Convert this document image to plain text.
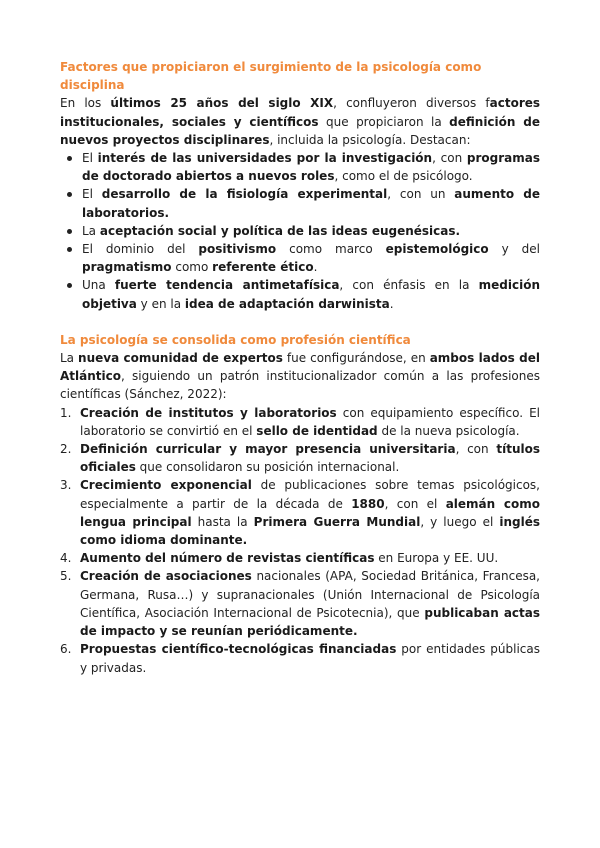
Factores que propiciaron el surgimiento de la psicología como disciplina

En los últimos 25 años del siglo XIX, confluyeron diversos factores institucionales, sociales y científicos que propiciaron la definición de nuevos proyectos disciplinares, incluida la psicología. Destacan:

El interés de las universidades por la investigación, con programas de doctorado abiertos a nuevos roles, como el de psicólogo.
El desarrollo de la fisiología experimental, con un aumento de laboratorios.
La aceptación social y política de las ideas eugenésicas.
El dominio del positivismo como marco epistemológico y del pragmatismo como referente ético.
Una fuerte tendencia antimetafísica, con énfasis en la medición objetiva y en la idea de adaptación darwinista.
La psicología se consolida como profesión científica

La nueva comunidad de expertos fue configurándose, en ambos lados del Atlántico, siguiendo un patrón institucionalizador común a las profesiones científicas (Sánchez, 2022):

1. Creación de institutos y laboratorios con equipamiento específico. El laboratorio se convirtió en el sello de identidad de la nueva psicología.
2. Definición curricular y mayor presencia universitaria, con títulos oficiales que consolidaron su posición internacional.
3. Crecimiento exponencial de publicaciones sobre temas psicológicos, especialmente a partir de la década de 1880, con el alemán como lengua principal hasta la Primera Guerra Mundial, y luego el inglés como idioma dominante.
4. Aumento del número de revistas científicas en Europa y EE. UU.
5. Creación de asociaciones nacionales (APA, Sociedad Británica, Francesa, Germana, Rusa…) y supranacionales (Unión Internacional de Psicología Científica, Asociación Internacional de Psicotecnia), que publicaban actas de impacto y se reunían periódicamente.
6. Propuestas científico-tecnológicas financiadas por entidades públicas y privadas.
